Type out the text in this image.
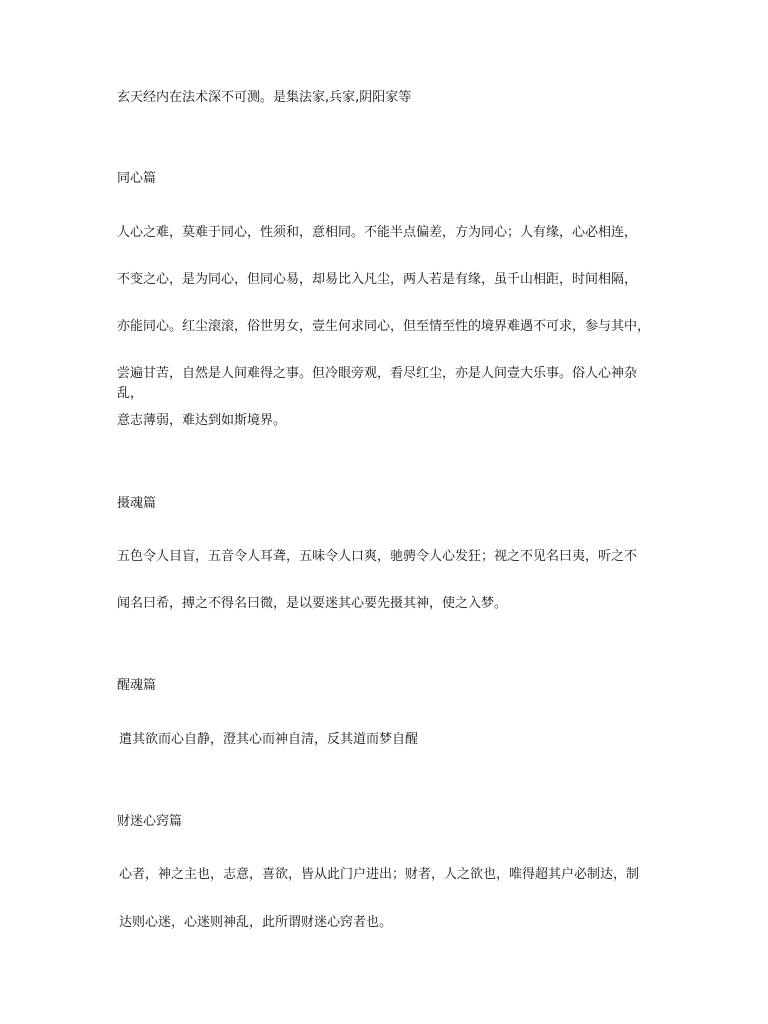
玄天经内在法术深不可测。是集法家,兵家,阴阳家等

同心篇

人心之难，莫难于同心，性须和，意相同。不能半点偏差，方为同心；人有缘，心必相连，

不变之心，是为同心，但同心易，却易比入凡尘，两人若是有缘，虽千山相距，时间相隔，

亦能同心。红尘滚滚，俗世男女，壹生何求同心，但至情至性的境界难遇不可求，参与其中，

尝遍甘苦，自然是人间难得之事。但冷眼旁观，看尽红尘，亦是人间壹大乐事。俗人心神杂乱，

意志薄弱，难达到如斯境界。

摄魂篇

五色令人目盲，五音令人耳聋，五味令人口爽，驰骋令人心发狂；视之不见名曰夷，听之不

闻名曰希，搏之不得名曰微，是以要迷其心要先摄其神，使之入梦。

醒魂篇

遣其欲而心自静，澄其心而神自清，反其道而梦自醒

财迷心窍篇

心者，神之主也，志意，喜欲，皆从此门户进出；财者，人之欲也，唯得超其户必制达，制

达则心迷，心迷则神乱，此所谓财迷心窍者也。
